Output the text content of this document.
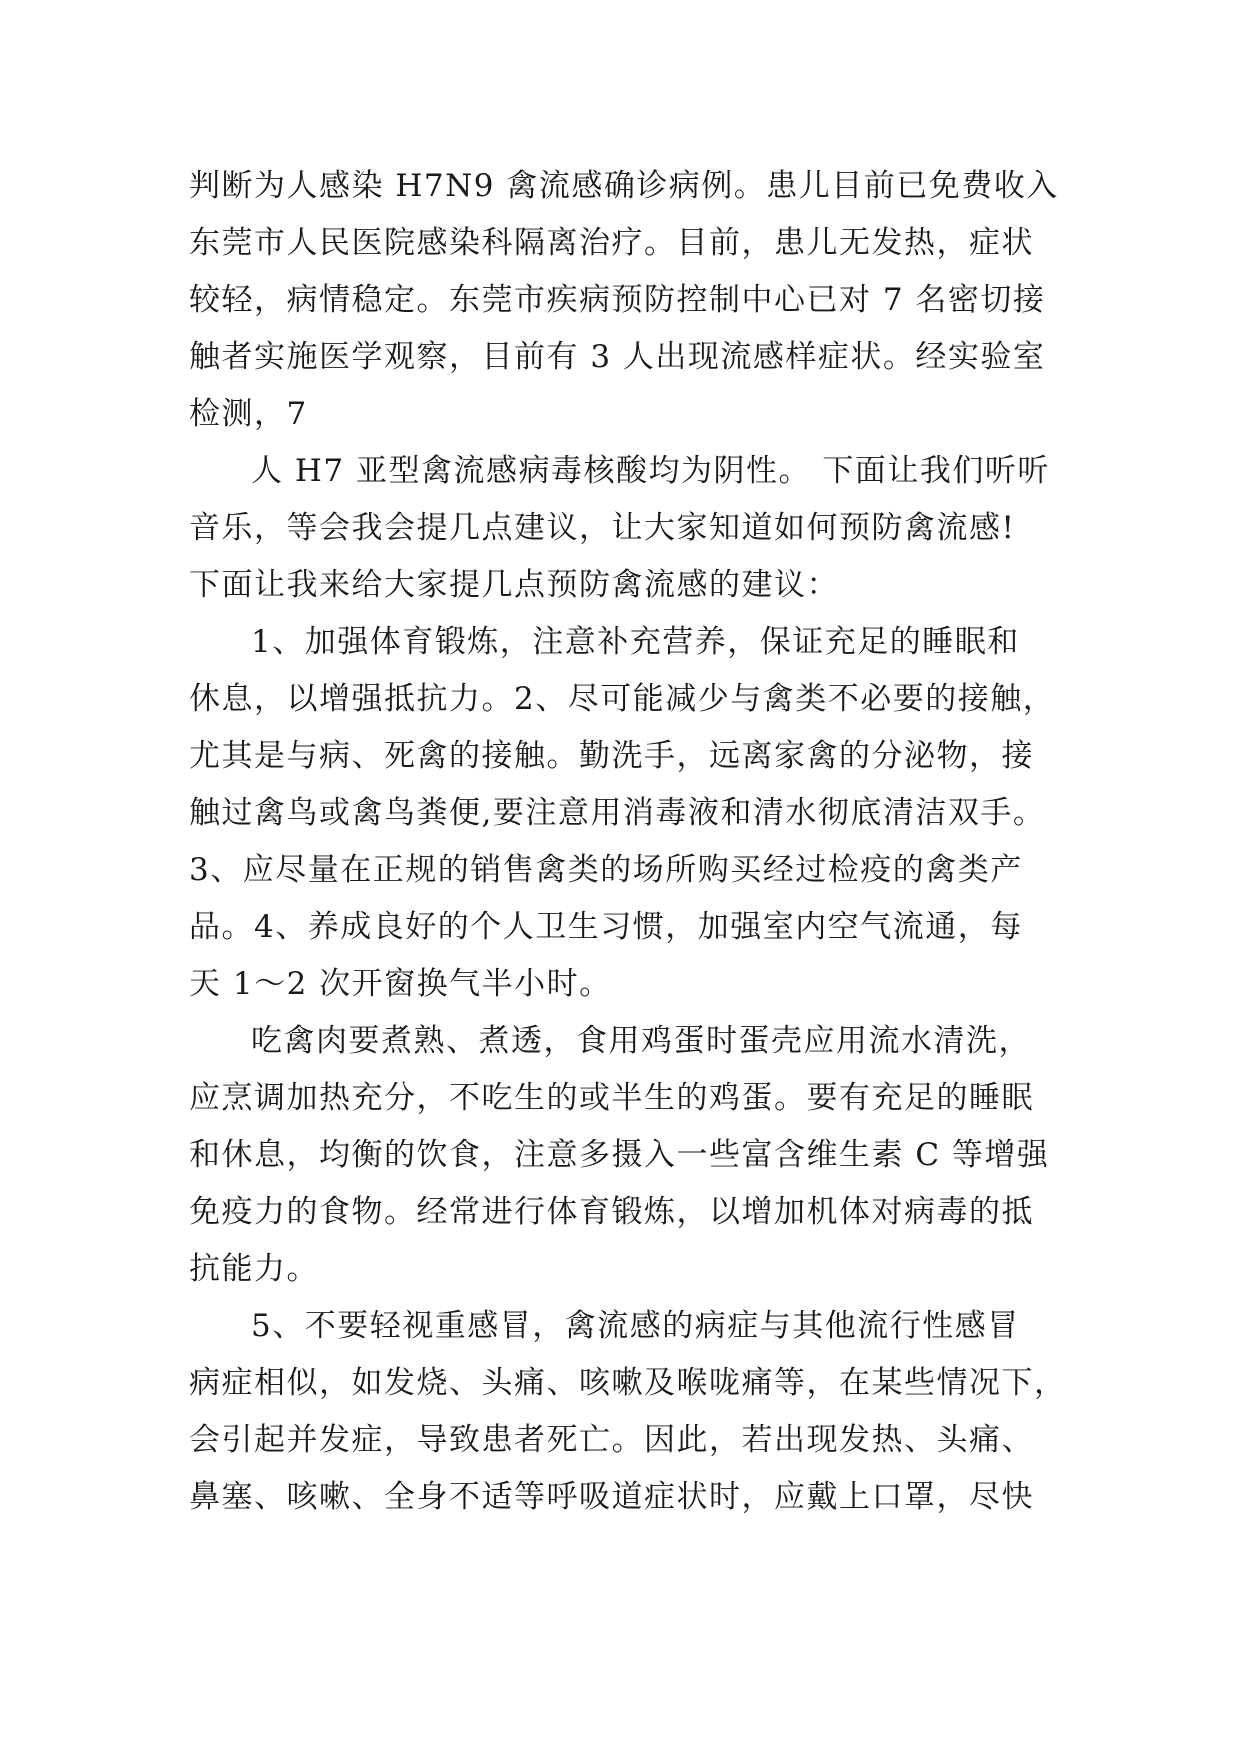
判断为人感染 H7N9 禽流感确诊病例。患儿目前已免费收入
东莞市人民医院感染科隔离治疗。目前，患儿无发热，症状
较轻，病情稳定。东莞市疾病预防控制中心已对 7 名密切接
触者实施医学观察，目前有 3 人出现流感样症状。经实验室
检测，7
人 H7 亚型禽流感病毒核酸均为阴性。 下面让我们听听
音乐，等会我会提几点建议，让大家知道如何预防禽流感!
下面让我来给大家提几点预防禽流感的建议：
1、加强体育锻炼，注意补充营养，保证充足的睡眠和
休息，以增强抵抗力。2、尽可能减少与禽类不必要的接触，
尤其是与病、死禽的接触。勤洗手，远离家禽的分泌物，接
触过禽鸟或禽鸟粪便,要注意用消毒液和清水彻底清洁双手。
3、应尽量在正规的销售禽类的场所购买经过检疫的禽类产
品。4、养成良好的个人卫生习惯，加强室内空气流通，每
天 1～2 次开窗换气半小时。
吃禽肉要煮熟、煮透，食用鸡蛋时蛋壳应用流水清洗，
应烹调加热充分，不吃生的或半生的鸡蛋。要有充足的睡眠
和休息，均衡的饮食，注意多摄入一些富含维生素 C 等增强
免疫力的食物。经常进行体育锻炼，以增加机体对病毒的抵
抗能力。
5、不要轻视重感冒，禽流感的病症与其他流行性感冒
病症相似，如发烧、头痛、咳嗽及喉咙痛等，在某些情况下，
会引起并发症，导致患者死亡。因此，若出现发热、头痛、
鼻塞、咳嗽、全身不适等呼吸道症状时，应戴上口罩，尽快
